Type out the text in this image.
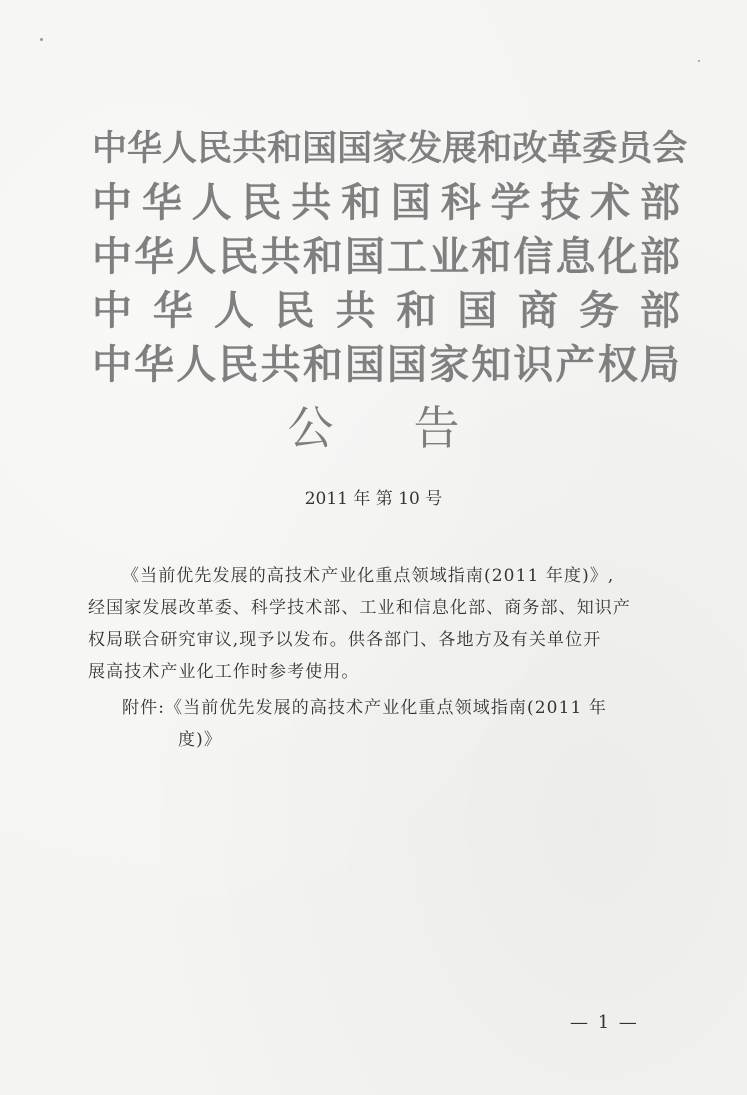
中 华 人 民 共 和 国 国 家 发 展 和 改 革 委 员 会
中 华 人 民 共 和 国 科 学 技 术 部
中 华 人 民 共 和 国 工 业 和 信 息 化 部
中 华 人 民 共 和 国 商 务 部
中 华 人 民 共 和 国 国 家 知 识 产 权 局
公告
2011 年 第 10 号

《当前优先发展的高技术产业化重点领域指南(2011 年度)》,

经国家发展改革委、科学技术部、工业和信息化部、商务部、知识产

权局联合研究审议,现予以发布。供各部门、各地方及有关单位开

展高技术产业化工作时参考使用。

附件:《当前优先发展的高技术产业化重点领域指南(2011 年

度)》

— 1 —
